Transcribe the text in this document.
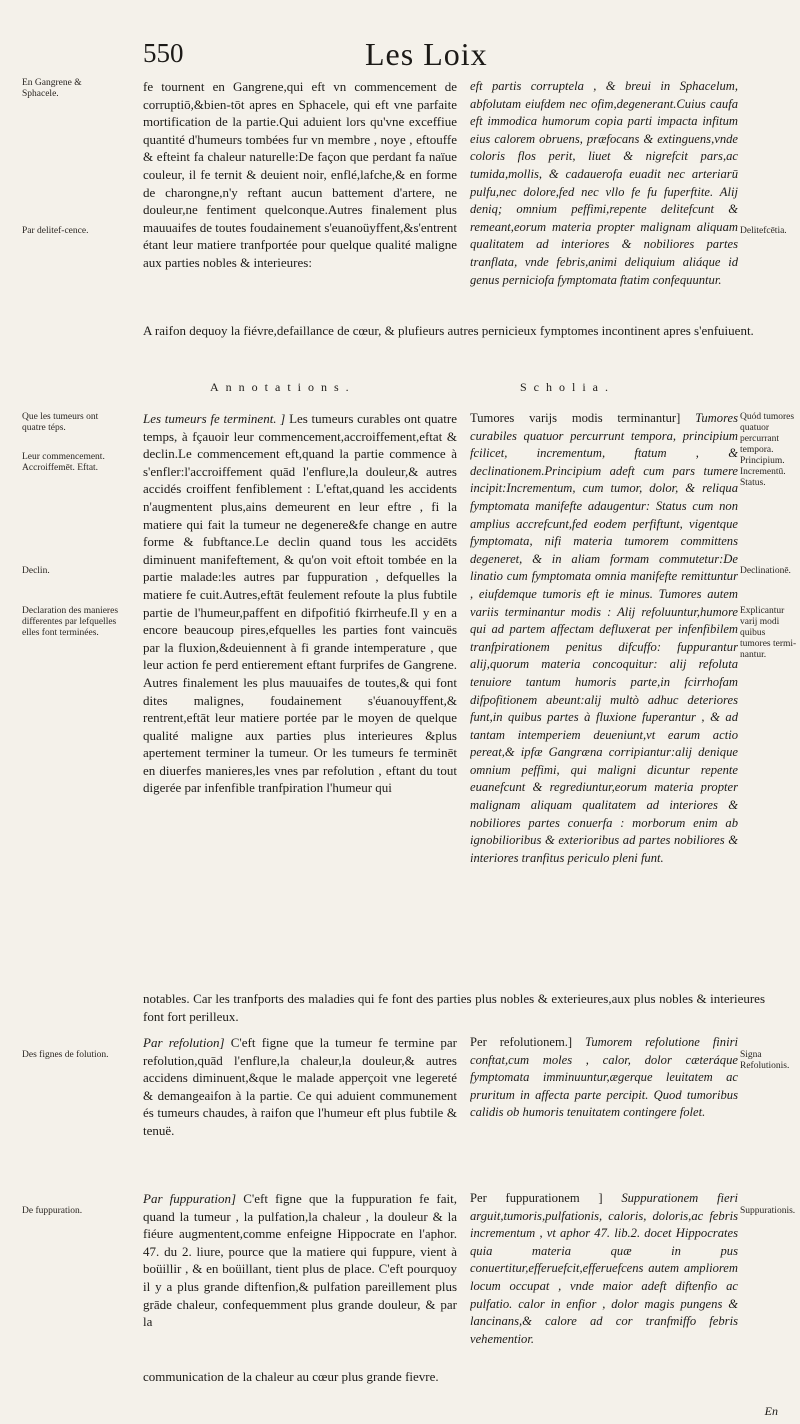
550	Les Loix
En Gangrene & Sphacele.
Par delitef-cence.	Delitefcētia.
fe tournent en Gangrene,qui eft vn commencement de corruptiō,&bien-tōt apres en Sphacele, qui eft vne parfaite mortification de la partie.Qui aduient lors qu'vne exceffiue quantité d'humeurs tombées fur vn membre , noye , eftouffe & efteint fa chaleur naturelle:De façon que perdant fa naïue couleur, il fe ternit & deuient noir, enflé,lafche,& en forme de charongne,n'y reftant aucun battement d'artere, ne douleur,ne fentiment quelconque.Autres finalement plus mauuaifes de toutes foudainement s'euanoüyffent,&s'entrent étant leur matiere tranfportée pour quelque qualité maligne aux parties nobles & interieures:
eft partis corruptela , & breui in Sphacelum, abfolutam eiufdem nec ofim,degenerant.Cuius caufa eft immodica humorum copia parti impacta infitum eius calorem obruens, præfocans & extinguens,vnde coloris flos perit, liuet & nigrefcit pars,ac tumida,mollis, & cadauerofa euadit nec arteriarū pulfu,nec dolore,fed nec vllo fe fu fuperftite. Alij deniq; omnium peffimi,repente delitefcunt & remeant,eorum materia propter malignam aliquam qualitatem ad interiores & nobiliores partes tranflata, vnde febris,animi deliquium aliáque id genus perniciofa fymptomata ftatim confequuntur.
A raifon dequoy la fiévre,defaillance de cœur, & plufieurs autres pernicieux fymptomes incontinent apres s'enfuiuent.
Annotations.	Scholia.
Que les tumeurs ont quatre téps.
Leur commencement. Accroiffemēt. Eftat.
Declin.
Declaration des manieres differentes par lefquelles elles font terminées.
Quód tumores quatuor percurrant tempora. Principium. Incrementū. Status.
Declinationē.
Explicantur varij modi quibus tumores termi-nantur.
Les tumeurs fe terminent. ] Les tumeurs curables ont quatre temps, à fçauoir leur commencement,accroiffement,eftat & declin.Le commencement eft,quand la partie commence à s'enfler:l'accroiffement quād l'enflure,la douleur,& autres accidés croiffent fenfiblement : L'eftat,quand les accidents n'augmentent plus,ains demeurent en leur eftre , fi la matiere qui fait la tumeur ne degenere&fe change en autre forme & fubftance.Le declin quand tous les accidēts diminuent manifeftement, & qu'on voit eftoit tombée en la partie malade:les autres par fuppuration , defquelles la matiere fe cuit.Autres,eftāt feulement refoute la plus fubtile partie de l'humeur,paffent en difpofitió fkirrheufe.Il y en a encore beaucoup pires,efquelles les parties font vaincuës par la fluxion,&deuiennent à fi grande intemperature , que leur action fe perd entierement eftant furprifes de Gangrene. Autres finalement les plus mauuaifes de toutes,& qui font dites malignes, foudainement s'éuanouyffent,& rentrent,eftāt leur matiere portée par le moyen de quelque qualité maligne aux parties plus interieures &plus apertement terminer la tumeur. Or les tumeurs fe terminēt en diuerfes manieres,les vnes par refolution , eftant du tout digerée par infenfible tranfpiration l'humeur qui
Tumores varijs modis terminantur] Tumores curabiles quatuor percurrunt tempora, principium fcilicet, incrementum, ftatum , & declinationem.Principium adeft cum pars tumere incipit:Incrementum, cum tumor, dolor, & reliqua fymptomata manifefte adaugentur: Status cum non amplius accrefcunt,fed eodem perfiftunt, vigentque fymptomata, nifi materia tumorem committens degeneret, & in aliam formam commutetur:De linatio cum fymptomata omnia manifefte remittuntur , eiufdemque tumoris eft ie minus. Tumores autem variis terminantur modis : Alij refoluuntur,humore qui ad partem affectam defluxerat per infenfibilem tranfpirationem penitus difcuffo: fuppurantur alij,quorum materia concoquitur: alij refoluta tenuiore tantum humoris parte,in fcirrhofam difpofitionem abeunt:alij multò adhuc deteriores funt,in quibus partes à fluxione fuperantur , & ad tantam intemperiem deueniunt,vt earum actio pereat,& ipfæ Gangræna corripiantur:alij denique omnium peffimi, qui maligni dicuntur repente euanefcunt & regrediuntur,eorum materia propter malignam aliquam qualitatem ad interiores & nobiliores partes conuerfa : morborum enim ab ignobilioribus & exterioribus ad partes nobiliores & interiores tranfitus periculo pleni funt.
notables. Car les tranfports des maladies qui fe font des parties plus nobles & exterieures,aux plus nobles & interieures font fort perilleux.
Des fignes de folution.	Signa Refolutionis.
Par refolution] C'eft figne que la tumeur fe termine par refolution,quād l'enflure,la chaleur,la douleur,& autres accidens diminuent,&que le malade apperçoit vne legereté & demangeaifon à la partie. Ce qui aduient communement és tumeurs chaudes, à raifon que l'humeur eft plus fubtile & tenuë.
Per refolutionem.] Tumorem refolutione finiri conftat,cum moles , calor, dolor cæteráque fymptomata imminuuntur,ægerque leuitatem ac pruritum in affecta parte percipit. Quod tumoribus calidis ob humoris tenuitatem contingere folet.
De fuppuration.	Suppurationis.
Par fuppuration] C'eft figne que la fuppuration fe fait, quand la tumeur , la pulfation,la chaleur , la douleur & la fiéure augmentent,comme enfeigne Hippocrate en l'aphor. 47. du 2. liure, pource que la matiere qui fuppure, vient à boüillir , & en boüillant, tient plus de place. C'eft pourquoy il y a plus grande diftenfion,& pulfation pareillement plus grāde chaleur, confequemment plus grande douleur, & par la
Per fuppurationem ] Suppurationem fieri arguit,tumoris,pulfationis, caloris, doloris,ac febris incrementum , vt aphor 47. lib.2. docet Hippocrates quia materia quæ in pus conuertitur,efferuefcit,efferuefcens autem ampliorem locum occupat , vnde maior adeft diftenfio ac pulfatio. calor in enfior , dolor magis pungens & lancinans,& calore ad cor tranfmiffo febris vehementior.
communication de la chaleur au cœur plus grande fievre.
En
